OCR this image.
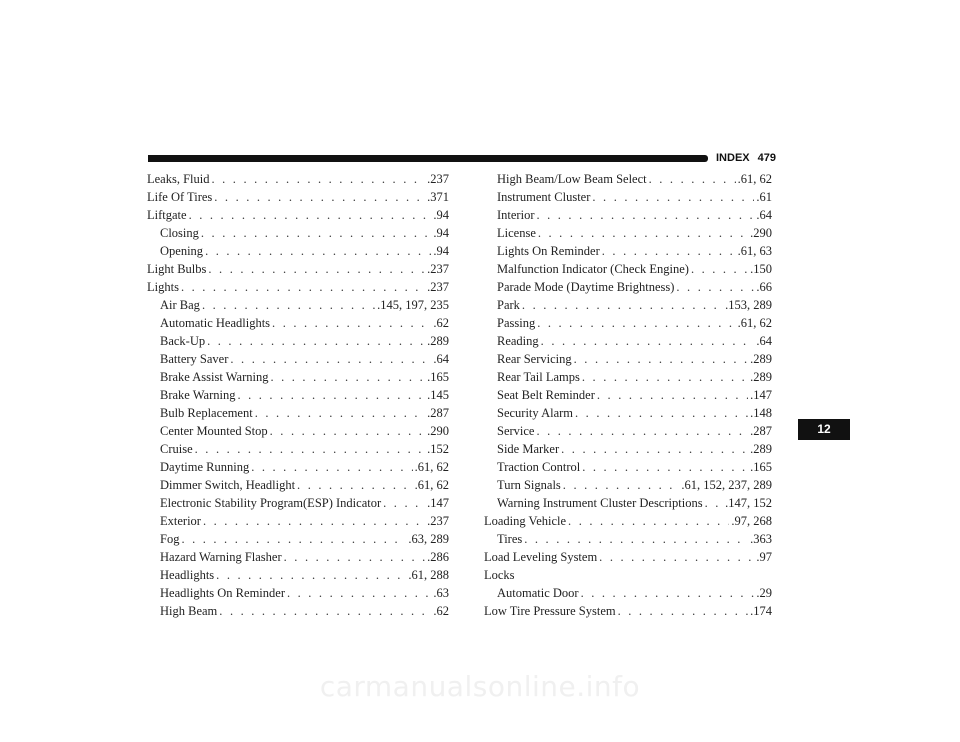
INDEX 479
Leaks, Fluid . . .	.237
Life Of Tires . . .	.371
Liftgate . . .	.94
Closing . . .	.94
Opening . . .	.94
Light Bulbs . . .	.237
Lights . . .	.237
Air Bag . . .	.145, 197, 235
Automatic Headlights . . .	.62
Back-Up . . .	.289
Battery Saver . . .	.64
Brake Assist Warning . . .	.165
Brake Warning . . .	.145
Bulb Replacement . . .	.287
Center Mounted Stop . . .	.290
Cruise . . .	.152
Daytime Running . . .	.61, 62
Dimmer Switch, Headlight . . .	.61, 62
Electronic Stability Program(ESP) Indicator . . .	.147
Exterior . . .	.237
Fog . . .	.63, 289
Hazard Warning Flasher . . .	.286
Headlights . . .	.61, 288
Headlights On Reminder . . .	.63
High Beam . . .	.62
High Beam/Low Beam Select . . .	.61, 62
Instrument Cluster . . .	.61
Interior . . .	.64
License . . .	.290
Lights On Reminder . . .	.61, 63
Malfunction Indicator (Check Engine) . . .	.150
Parade Mode (Daytime Brightness) . . .	.66
Park . . .	.153, 289
Passing . . .	.61, 62
Reading . . .	.64
Rear Servicing . . .	.289
Rear Tail Lamps . . .	.289
Seat Belt Reminder . . .	.147
Security Alarm . . .	.148
Service . . .	.287
Side Marker . . .	.289
Traction Control . . .	.165
Turn Signals . . .	.61, 152, 237, 289
Warning Instrument Cluster Descriptions . . . .147, 152
Loading Vehicle . . .	.97, 268
Tires . . .	.363
Load Leveling System . . .	.97
Locks
Automatic Door . . .	.29
Low Tire Pressure System . . .	.174
12
carmanualsonline.info
